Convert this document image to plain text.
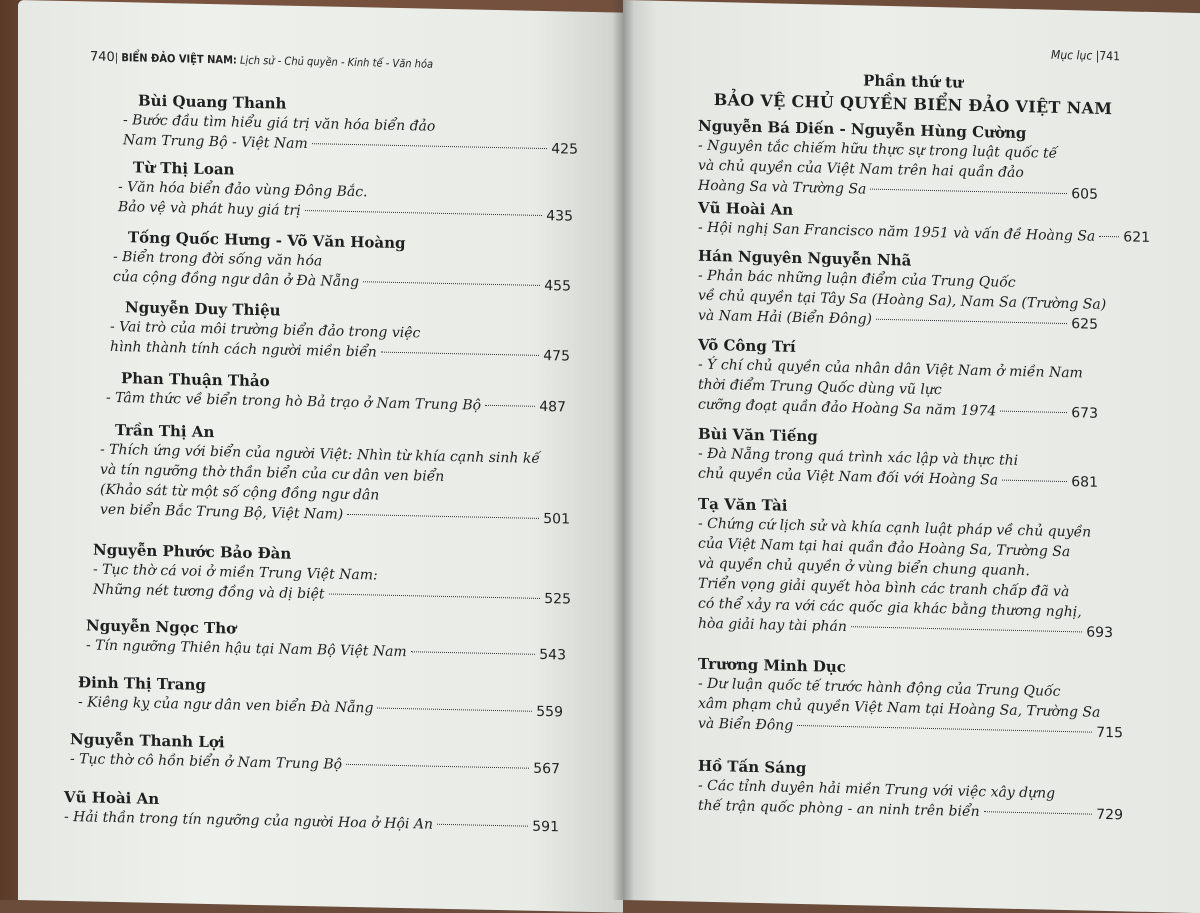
740| BIỂN ĐẢO VIỆT NAM: Lịch sử - Chủ quyền - Kinh tế - Văn hóa
Bùi Quang Thanh
- Bước đầu tìm hiểu giá trị văn hóa biển đảo
Nam Trung Bộ - Việt Nam	425
Từ Thị Loan
- Văn hóa biển đảo vùng Đông Bắc.
Bảo vệ và phát huy giá trị	435
Tống Quốc Hưng - Võ Văn Hoàng
- Biển trong đời sống văn hóa
của cộng đồng ngư dân ở Đà Nẵng	455
Nguyễn Duy Thiệu
- Vai trò của môi trường biển đảo trong việc
hình thành tính cách người miền biển	475
Phan Thuận Thảo
- Tâm thức về biển trong hò Bả trạo ở Nam Trung Bộ	487
Trần Thị An
- Thích ứng với biển của người Việt: Nhìn từ khía cạnh sinh kế
và tín ngưỡng thờ thần biển của cư dân ven biển
(Khảo sát từ một số cộng đồng ngư dân
ven biển Bắc Trung Bộ, Việt Nam)	501
Nguyễn Phước Bảo Đàn
- Tục thờ cá voi ở miền Trung Việt Nam:
Những nét tương đồng và dị biệt	525
Nguyễn Ngọc Thơ
- Tín ngưỡng Thiên hậu tại Nam Bộ Việt Nam	543
Đinh Thị Trang
- Kiêng kỵ của ngư dân ven biển Đà Nẵng	559
Nguyễn Thanh Lợi
- Tục thờ cô hồn biển ở Nam Trung Bộ	567
Vũ Hoài An
- Hải thần trong tín ngưỡng của người Hoa ở Hội An	591
Mục lục |741
Phần thứ tư
BẢO VỆ CHỦ QUYỀN BIỂN ĐẢO VIỆT NAM
Nguyễn Bá Diến - Nguyễn Hùng Cường
- Nguyên tắc chiếm hữu thực sự trong luật quốc tế
và chủ quyền của Việt Nam trên hai quần đảo
Hoàng Sa và Trường Sa	605
Vũ Hoài An
- Hội nghị San Francisco năm 1951 và vấn đề Hoàng Sa 621
Hán Nguyên Nguyễn Nhã
- Phản bác những luận điểm của Trung Quốc
về chủ quyền tại Tây Sa (Hoàng Sa), Nam Sa (Trường Sa)
và Nam Hải (Biển Đông)	625
Võ Công Trí
- Ý chí chủ quyền của nhân dân Việt Nam ở miền Nam
thời điểm Trung Quốc dùng vũ lực
cưỡng đoạt quần đảo Hoàng Sa năm 1974	673
Bùi Văn Tiếng
- Đà Nẵng trong quá trình xác lập và thực thi
chủ quyền của Việt Nam đối với Hoàng Sa	681
Tạ Văn Tài
- Chứng cứ lịch sử và khía cạnh luật pháp về chủ quyền
của Việt Nam tại hai quần đảo Hoàng Sa, Trường Sa
và quyền chủ quyền ở vùng biển chung quanh.
Triển vọng giải quyết hòa bình các tranh chấp đã và
có thể xảy ra với các quốc gia khác bằng thương nghị,
hòa giải hay tài phán	693
Trương Minh Dục
- Dư luận quốc tế trước hành động của Trung Quốc
xâm phạm chủ quyền Việt Nam tại Hoàng Sa, Trường Sa
và Biển Đông	715
Hồ Tấn Sáng
- Các tỉnh duyên hải miền Trung với việc xây dựng
thế trận quốc phòng - an ninh trên biển	729
